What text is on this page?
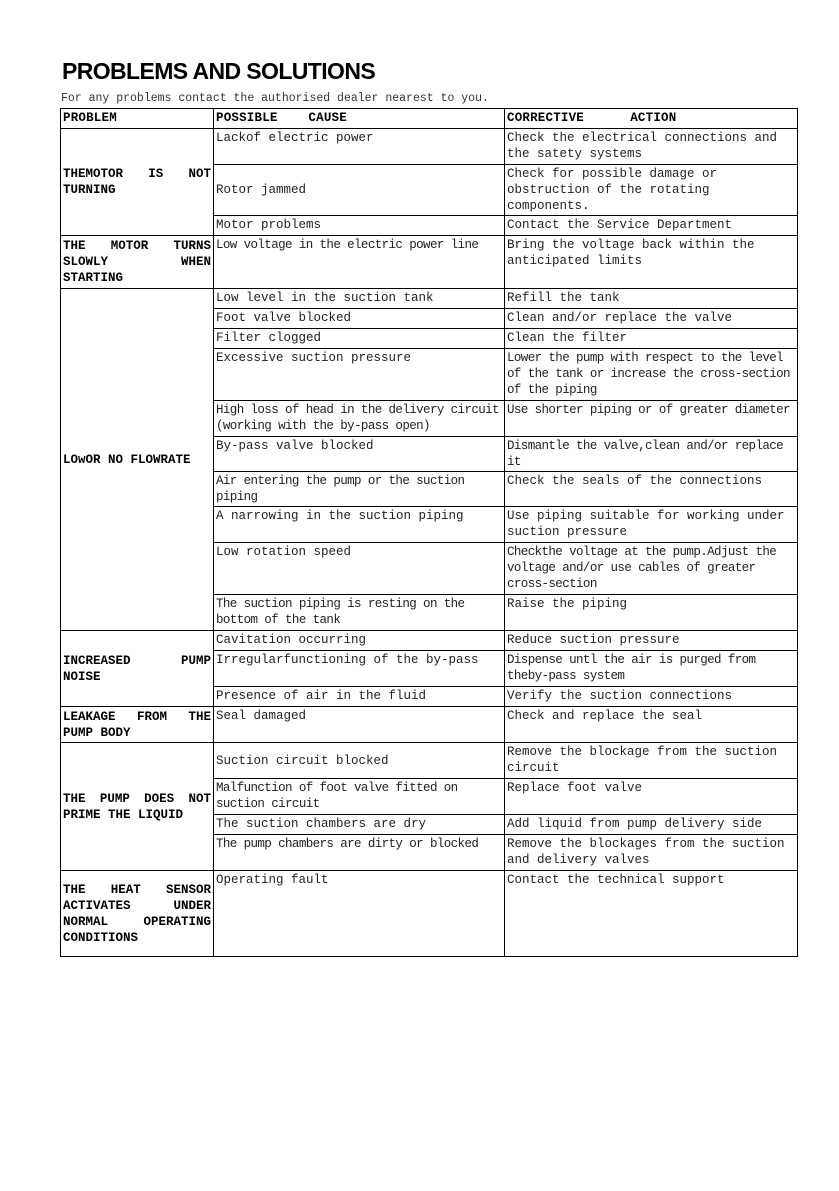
PROBLEMS AND SOLUTIONS
For any problems contact the authorised dealer nearest to you.
PROBLEM	POSSIBLE    CAUSE	CORRECTIVE      ACTION
THEMOTOR IS NOT TURNING	Lackof electric power	Check the electrical connections and the satety systems
	Rotor jammed	Check for possible damage or obstruction of the rotating components.
	Motor problems	Contact the Service Department
THE MOTOR TURNS SLOWLY WHEN STARTING	Low voltage in the electric power line	Bring the voltage back within the anticipated limits
LOwOR NO FLOWRATE	Low level in the suction tank	Refill the tank
	Foot valve blocked	Clean and/or replace the valve
	Filter clogged	Clean the filter
	Excessive suction pressure	Lower the pump with respect to the level of the tank or increase the cross-section of the piping
	High loss of head in the delivery circuit (working with the by-pass open)	Use shorter piping or of greater diameter
	By-pass valve blocked	Dismantle the valve,clean and/or replace it
	Air entering the pump or the suction piping	Check the seals of the connections
	A narrowing in the suction piping	Use piping suitable for working under suction pressure
	Low rotation speed	Checkthe voltage at the pump.Adjust the voltage and/or use cables of greater cross-section
	The suction piping is resting on the bottom of the tank	Raise the piping
INCREASED PUMP NOISE	Cavitation occurring	Reduce suction pressure
	Irregularfunctioning of the by-pass	Dispense untl the air is purged from theby-pass system
	Presence of air in the fluid	Verify the suction connections
LEAKAGE FROM THE PUMP BODY	Seal damaged	Check and replace the seal
THE PUMP DOES NOT PRIME THE LIQUID	Suction circuit blocked	Remove the blockage from the suction circuit
	Malfunction of foot valve fitted on suction circuit	Replace foot valve
	The suction chambers are dry	Add liquid from pump delivery side
	The pump chambers are dirty or blocked	Remove the blockages from the suction and delivery valves
THE HEAT SENSOR ACTIVATES UNDER NORMAL OPERATING CONDITIONS	Operating fault	Contact the technical support
